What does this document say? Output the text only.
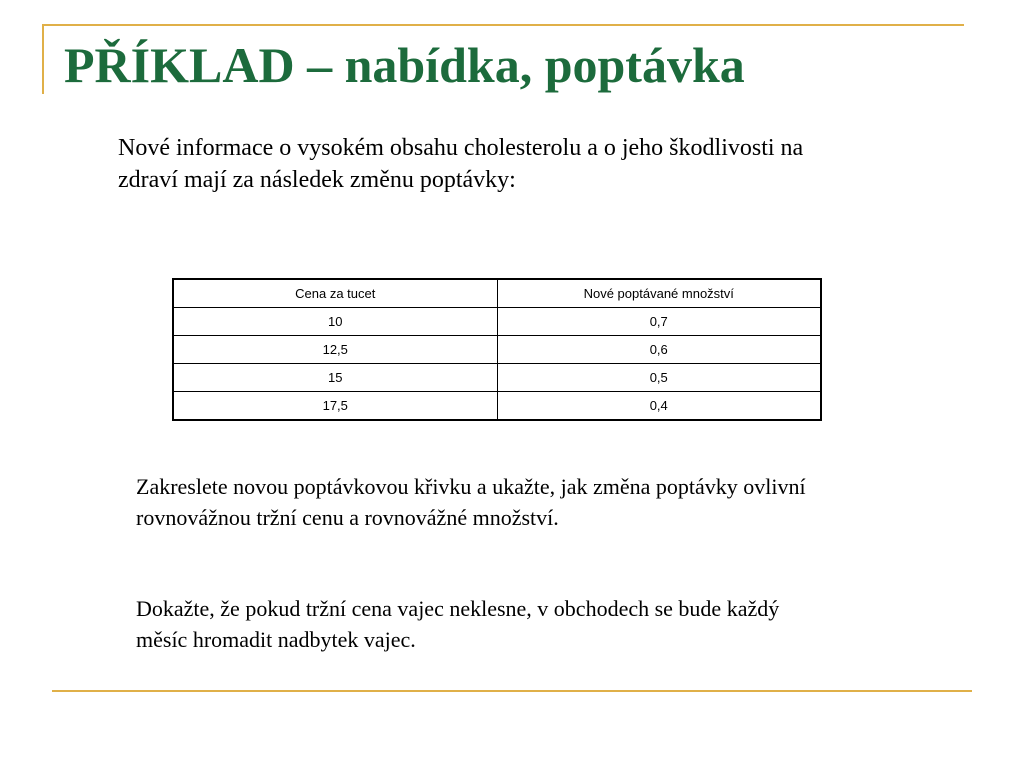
PŘÍKLAD – nabídka, poptávka

Nové informace o vysokém obsahu cholesterolu a o jeho škodlivosti na zdraví mají za následek změnu poptávky:

Cena za tucet	Nové poptávané množství
10	0,7
12,5	0,6
15	0,5
17,5	0,4

Zakreslete novou poptávkovou křivku a ukažte, jak změna poptávky ovlivní rovnovážnou tržní cenu a rovnovážné množství.

Dokažte, že pokud tržní cena vajec neklesne, v obchodech se bude každý měsíc hromadit nadbytek vajec.
